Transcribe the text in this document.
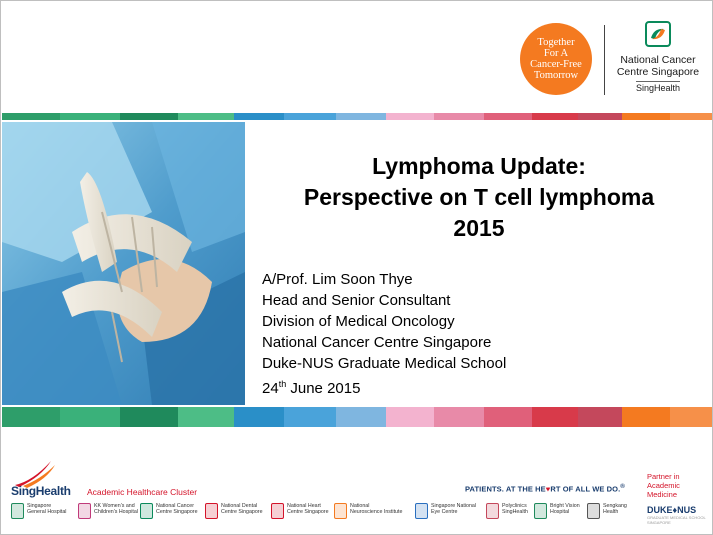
Together
For A
Cancer-Free
Tomorrow
National Cancer
Centre Singapore
SingHealth
Lymphoma Update:
Perspective on T cell lymphoma
2015
A/Prof. Lim Soon Thye
Head and Senior Consultant
Division of Medical Oncology
National Cancer Centre Singapore
Duke-NUS Graduate Medical School
24th June 2015
SingHealth Academic Healthcare Cluster	PATIENTS. AT THE HE♥RT OF ALL WE DO.®
Partner in
Academic Medicine
DUKE♦NUS
GRADUATE MEDICAL SCHOOL SINGAPORE
Singapore
General Hospital
KK Women's and
Children's Hospital
National Cancer
Centre Singapore
National Dental
Centre Singapore
National Heart
Centre Singapore
National
Neuroscience Institute
Singapore National
Eye Centre
Polyclinics
SingHealth
Bright Vision
Hospital
Sengkang
Health
